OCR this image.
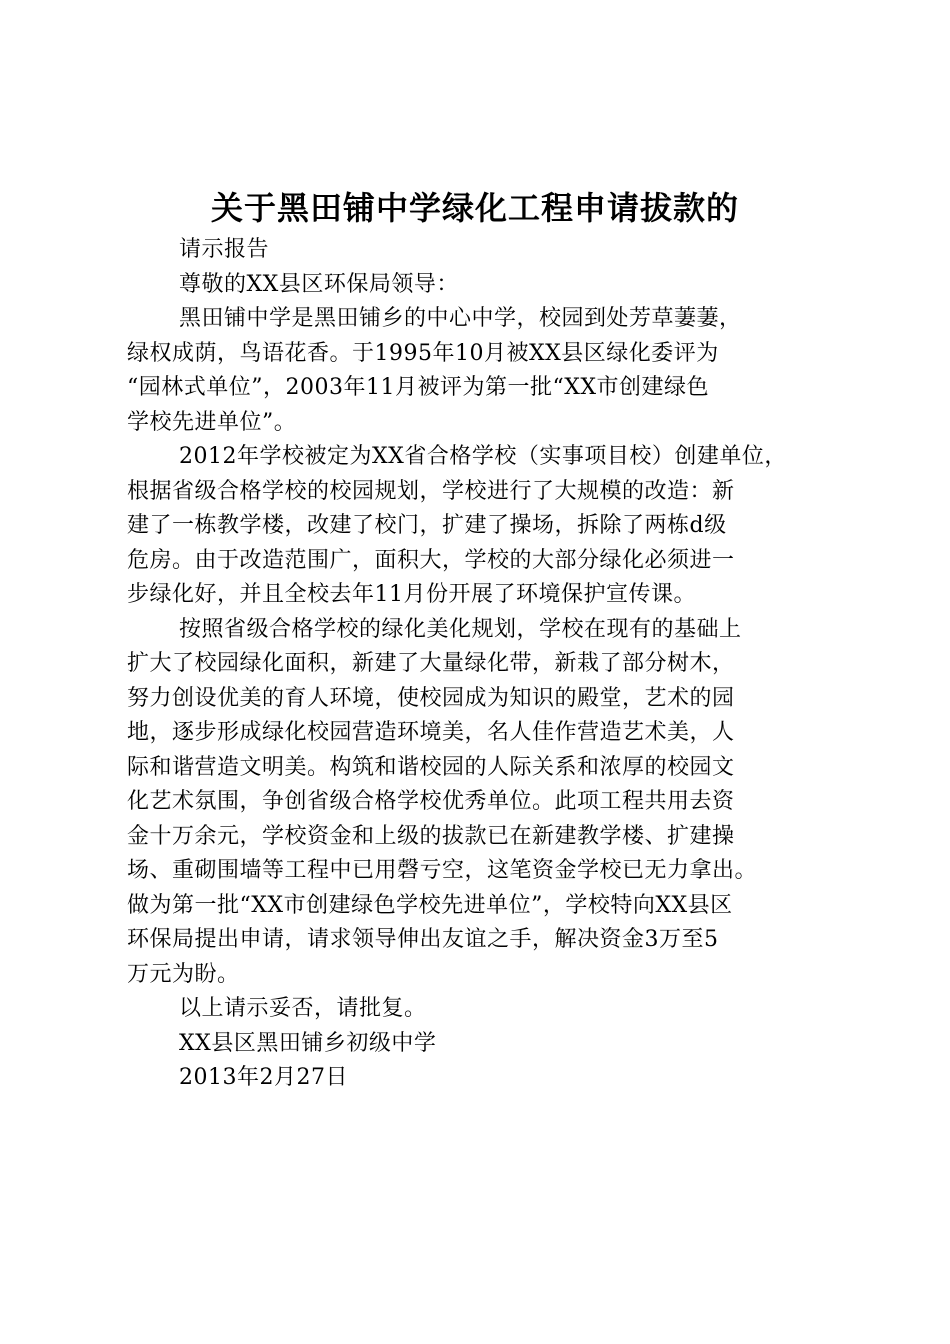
关于黑田铺中学绿化工程申请拔款的

请示报告

尊敬的XX县区环保局领导：

黑田铺中学是黑田铺乡的中心中学，校园到处芳草萋萋，

绿权成荫，鸟语花香。于1995年10月被XX县区绿化委评为

“园林式单位”，2003年11月被评为第一批“XX市创建绿色

学校先进单位”。

2012年学校被定为XX省合格学校（实事项目校）创建单位，

根据省级合格学校的校园规划，学校进行了大规模的改造：新

建了一栋教学楼，改建了校门，扩建了操场，拆除了两栋d级

危房。由于改造范围广，面积大，学校的大部分绿化必须进一

步绿化好，并且全校去年11月份开展了环境保护宣传课。

按照省级合格学校的绿化美化规划，学校在现有的基础上

扩大了校园绿化面积，新建了大量绿化带，新栽了部分树木，

努力创设优美的育人环境，使校园成为知识的殿堂，艺术的园

地，逐步形成绿化校园营造环境美，名人佳作营造艺术美，人

际和谐营造文明美。构筑和谐校园的人际关系和浓厚的校园文

化艺术氛围，争创省级合格学校优秀单位。此项工程共用去资

金十万余元，学校资金和上级的拔款已在新建教学楼、扩建操

场、重砌围墙等工程中已用磬亏空，这笔资金学校已无力拿出。

做为第一批“XX市创建绿色学校先进单位”，学校特向XX县区

环保局提出申请，请求领导伸出友谊之手，解决资金3万至5

万元为盼。

以上请示妥否，请批复。

XX县区黑田铺乡初级中学

2013年2月27日
